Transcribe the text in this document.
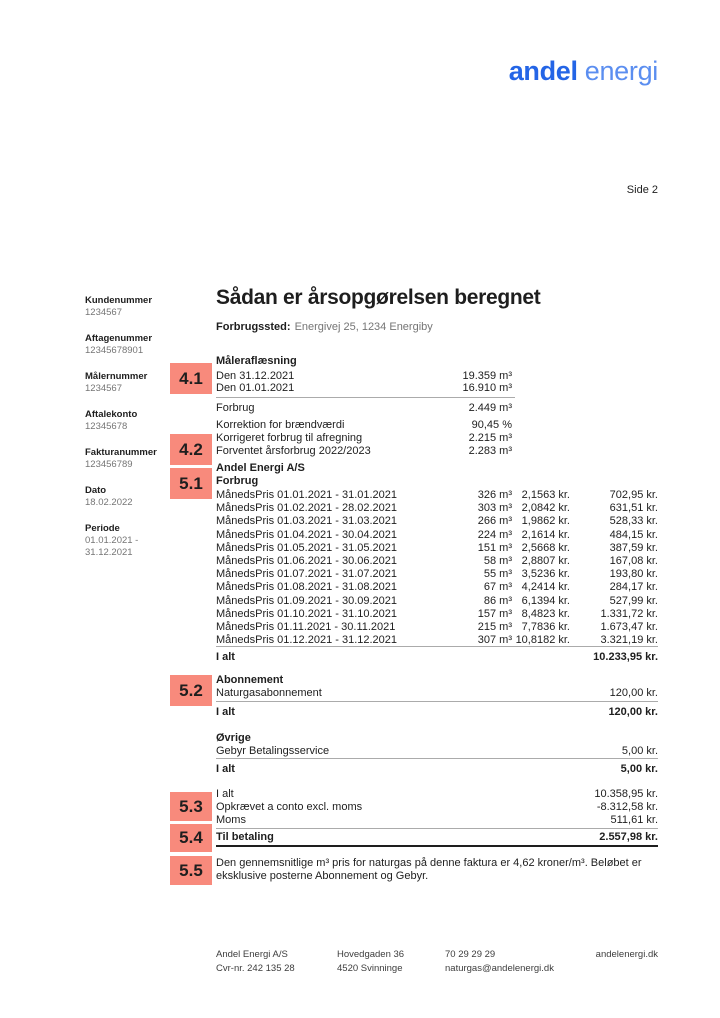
andel energi
Side 2
Kundenummer
1234567
Aftagenummer
12345678901
Målernummer
1234567
Aftalekonto
12345678
Fakturanummer
123456789
Dato
18.02.2022
Periode
01.01.2021 - 31.12.2021
4.1
4.2
5.1
5.2
5.3
5.4
5.5
Sådan er årsopgørelsen beregnet
Forbrugssted: Energivej 25, 1234 Energiby
Måleraflæsning
Den 31.12.2021	19.359 m³
Den 01.01.2021	16.910 m³
Forbrug	2.449 m³
Korrektion for brændværdi	90,45 %
Korrigeret forbrug til afregning	2.215 m³
Forventet årsforbrug 2022/2023	2.283 m³
Andel Energi A/S
Forbrug
MånedsPris 01.01.2021 - 31.01.2021	326 m³ 2,1563 kr.	702,95 kr.
MånedsPris 01.02.2021 - 28.02.2021	303 m³ 2,0842 kr.	631,51 kr.
MånedsPris 01.03.2021 - 31.03.2021	266 m³ 1,9862 kr.	528,33 kr.
MånedsPris 01.04.2021 - 30.04.2021	224 m³ 2,1614 kr.	484,15 kr.
MånedsPris 01.05.2021 - 31.05.2021	151 m³ 2,5668 kr.	387,59 kr.
MånedsPris 01.06.2021 - 30.06.2021	58 m³ 2,8807 kr.	167,08 kr.
MånedsPris 01.07.2021 - 31.07.2021	55 m³ 3,5236 kr.	193,80 kr.
MånedsPris 01.08.2021 - 31.08.2021	67 m³ 4,2414 kr.	284,17 kr.
MånedsPris 01.09.2021 - 30.09.2021	86 m³ 6,1394 kr.	527,99 kr.
MånedsPris 01.10.2021 - 31.10.2021	157 m³ 8,4823 kr.	1.331,72 kr.
MånedsPris 01.11.2021 - 30.11.2021	215 m³ 7,7836 kr.	1.673,47 kr.
MånedsPris 01.12.2021 - 31.12.2021	307 m³ 10,8182 kr.	3.321,19 kr.
I alt	10.233,95 kr.
Abonnement
Naturgasabonnement	120,00 kr.
I alt	120,00 kr.
Øvrige
Gebyr Betalingsservice	5,00 kr.
I alt	5,00 kr.
I alt	10.358,95 kr.
Opkrævet a conto excl. moms	-8.312,58 kr.
Moms	511,61 kr.
Til betaling	2.557,98 kr.
Den gennemsnitlige m³ pris for naturgas på denne faktura er 4,62 kroner/m³. Beløbet er eksklusive posterne Abonnement og Gebyr.
Andel Energi A/S
Cvr-nr. 242 135 28
Hovedgaden 36
4520 Svinninge
70 29 29 29
naturgas@andelenergi.dk
andelenergi.dk
